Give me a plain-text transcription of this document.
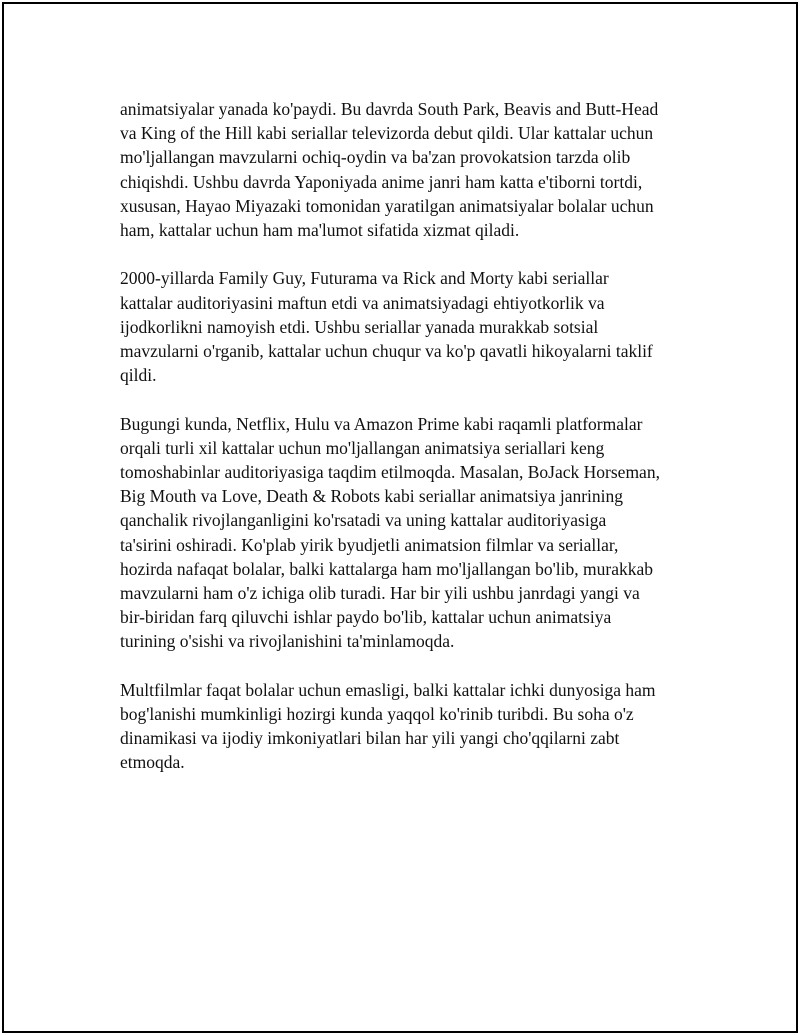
animatsiyalar yanada ko'paydi. Bu davrda South Park, Beavis and Butt-Head
va King of the Hill kabi seriallar televizorda debut qildi. Ular kattalar uchun
mo'ljallangan mavzularni ochiq-oydin va ba'zan provokatsion tarzda olib
chiqishdi. Ushbu davrda Yaponiyada anime janri ham katta e'tiborni tortdi,
xususan, Hayao Miyazaki tomonidan yaratilgan animatsiyalar bolalar uchun
ham, kattalar uchun ham ma'lumot sifatida xizmat qiladi.

2000-yillarda Family Guy, Futurama va Rick and Morty kabi seriallar
kattalar auditoriyasini maftun etdi va animatsiyadagi ehtiyotkorlik va
ijodkorlikni namoyish etdi. Ushbu seriallar yanada murakkab sotsial
mavzularni o'rganib, kattalar uchun chuqur va ko'p qavatli hikoyalarni taklif
qildi.

Bugungi kunda, Netflix, Hulu va Amazon Prime kabi raqamli platformalar
orqali turli xil kattalar uchun mo'ljallangan animatsiya seriallari keng
tomoshabinlar auditoriyasiga taqdim etilmoqda. Masalan, BoJack Horseman,
Big Mouth va Love, Death & Robots kabi seriallar animatsiya janrining
qanchalik rivojlanganligini ko'rsatadi va uning kattalar auditoriyasiga
ta'sirini oshiradi. Ko'plab yirik byudjetli animatsion filmlar va seriallar,
hozirda nafaqat bolalar, balki kattalarga ham mo'ljallangan bo'lib, murakkab
mavzularni ham o'z ichiga olib turadi. Har bir yili ushbu janrdagi yangi va
bir-biridan farq qiluvchi ishlar paydo bo'lib, kattalar uchun animatsiya
turining o'sishi va rivojlanishini ta'minlamoqda.

Multfilmlar faqat bolalar uchun emasligi, balki kattalar ichki dunyosiga ham
bog'lanishi mumkinligi hozirgi kunda yaqqol ko'rinib turibdi. Bu soha o'z
dinamikasi va ijodiy imkoniyatlari bilan har yili yangi cho'qqilarni zabt
etmoqda.
